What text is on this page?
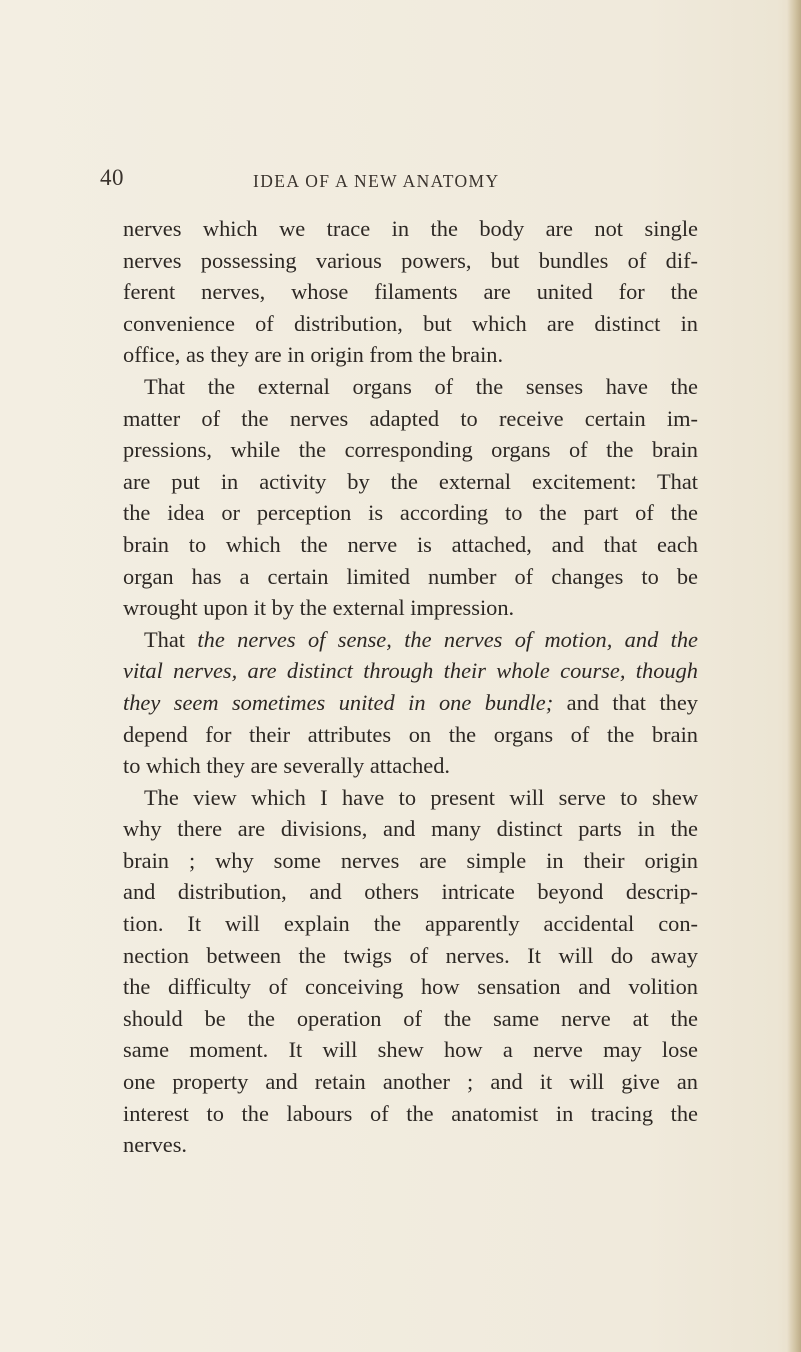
40	IDEA OF A NEW ANATOMY
nerves which we trace in the body are not single
nerves possessing various powers, but bundles of dif-
ferent nerves, whose filaments are united for the
convenience of distribution, but which are distinct in
office, as they are in origin from the brain.
That the external organs of the senses have the
matter of the nerves adapted to receive certain im-
pressions, while the corresponding organs of the brain
are put in activity by the external excitement: That
the idea or perception is according to the part of the
brain to which the nerve is attached, and that each
organ has a certain limited number of changes to be
wrought upon it by the external impression.
That the nerves of sense, the nerves of motion, and the
vital nerves, are distinct through their whole course, though
they seem sometimes united in one bundle; and that they
depend for their attributes on the organs of the brain
to which they are severally attached.
The view which I have to present will serve to shew
why there are divisions, and many distinct parts in the
brain ; why some nerves are simple in their origin
and distribution, and others intricate beyond descrip-
tion. It will explain the apparently accidental con-
nection between the twigs of nerves. It will do away
the difficulty of conceiving how sensation and volition
should be the operation of the same nerve at the
same moment. It will shew how a nerve may lose
one property and retain another ; and it will give an
interest to the labours of the anatomist in tracing the
nerves.
